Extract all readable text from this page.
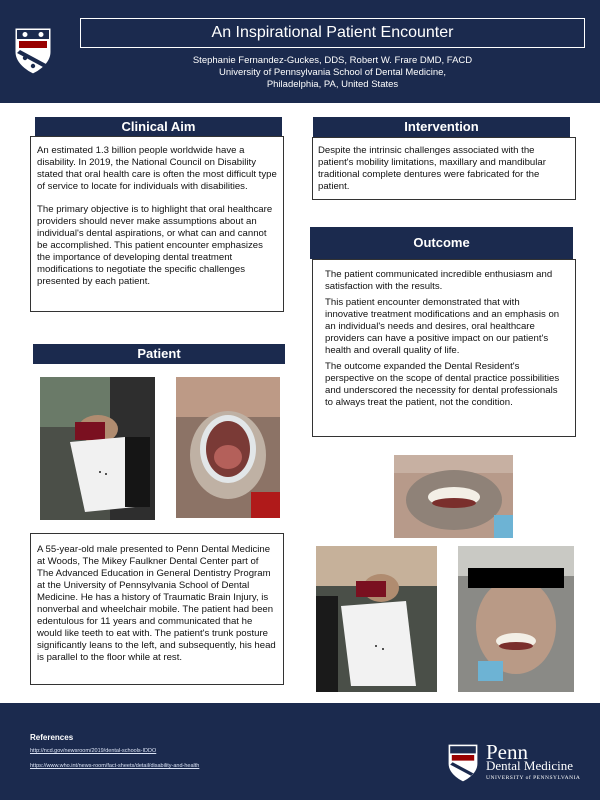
An Inspirational Patient Encounter
Stephanie Fernandez-Guckes, DDS, Robert W. Frare DMD, FACD
University of Pennsylvania School of Dental Medicine,
Philadelphia, PA, United States
Clinical Aim

An estimated 1.3 billion people worldwide have a disability. In 2019, the National Council on Disability stated that oral health care is often the most difficult type of service to locate for individuals with disabilities.

The primary objective is to highlight that oral healthcare providers should never make assumptions about an individual's dental aspirations, or what can and cannot be accomplished. This patient encounter emphasizes the importance of developing dental treatment modifications to negotiate the specific challenges presented by each patient.

Patient

A 55-year-old male presented to Penn Dental Medicine at Woods, The Mikey Faulkner Dental Center part of The Advanced Education in General Dentistry Program at the University of Pennsylvania School of Dental Medicine. He has a history of Traumatic Brain Injury, is nonverbal and wheelchair mobile. The patient had been edentulous for 11 years and communicated that he would like teeth to eat with. The patient's trunk posture significantly leans to the left, and subsequently, his head is parallel to the floor while at rest.

Intervention

Despite the intrinsic challenges associated with the patient's mobility limitations, maxillary and mandibular traditional complete dentures were fabricated for the patient.

Outcome

The patient communicated incredible enthusiasm and satisfaction with the results.

This patient encounter demonstrated that with innovative treatment modifications and an emphasis on an individual's needs and desires, oral healthcare providers can have a positive impact on our patient's health and overall quality of life.

The outcome expanded the Dental Resident's perspective on the scope of dental practice possibilities and underscored the necessity for dental professionals to always treat the patient, not the condition.

References
http://ncd.gov/newsroom/2019/dental-schools-IDDO
https://www.who.int/news-room/fact-sheets/detail/disability-and-health
Penn
Dental Medicine
UNIVERSITY of PENNSYLVANIA
